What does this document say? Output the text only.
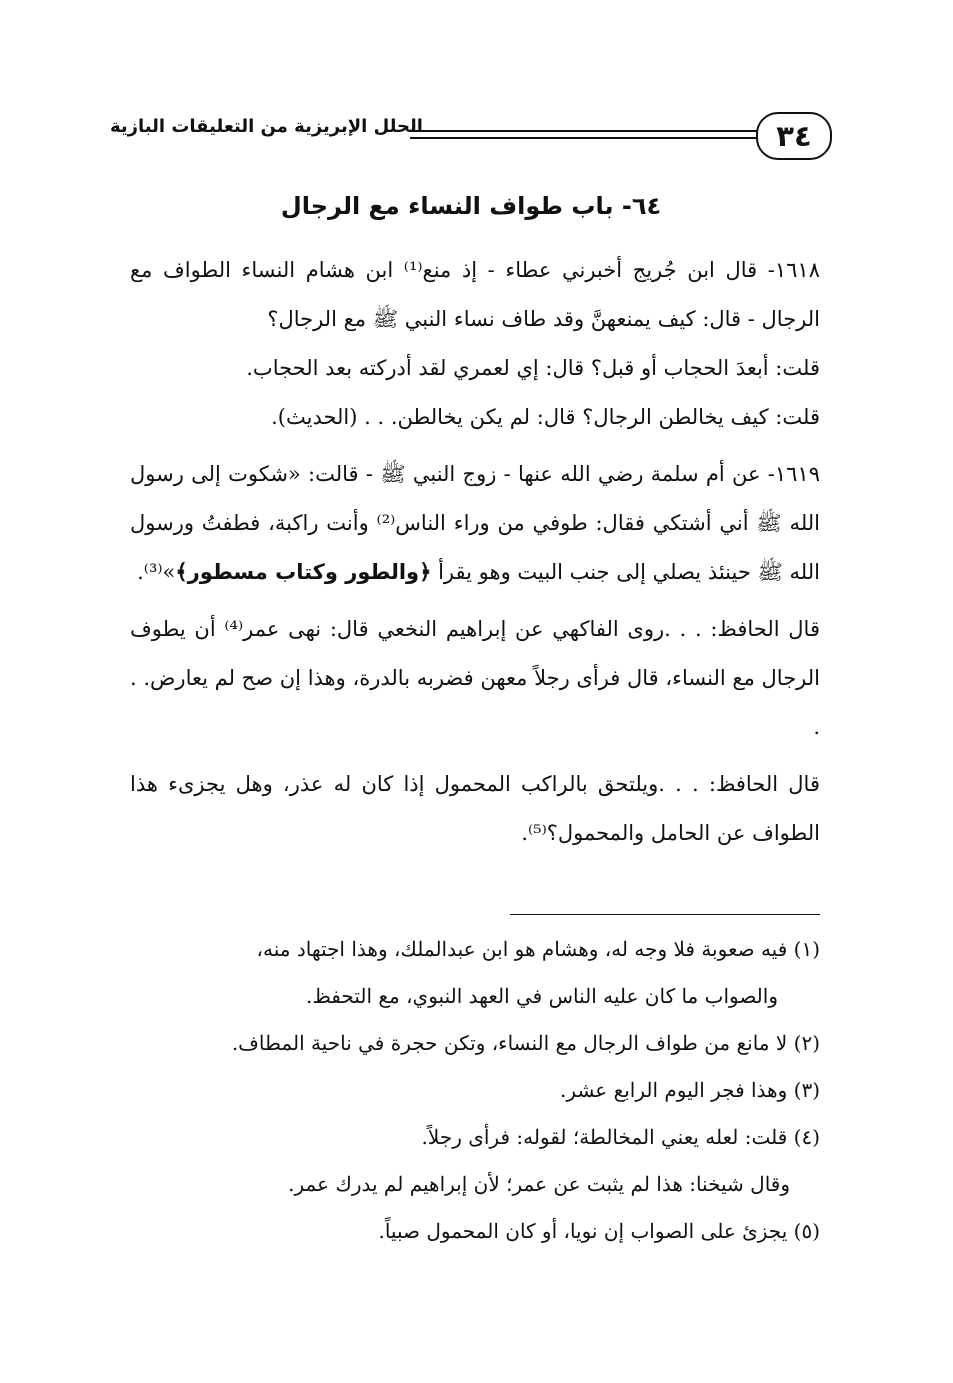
٣٤
الحلل الإبريزية من التعليقات البازية
٦٤- باب طواف النساء مع الرجال

١٦١٨- قال ابن جُريج أخبرني عطاء - إذ منع⁽¹⁾ ابن هشام النساء الطواف مع الرجال - قال: كيف يمنعهنَّ وقد طاف نساء النبي ﷺ مع الرجال؟
قلت: أبعدَ الحجاب أو قبل؟ قال: إي لعمري لقد أدركته بعد الحجاب.
قلت: كيف يخالطن الرجال؟ قال: لم يكن يخالطن. . . (الحديث).

١٦١٩- عن أم سلمة رضي الله عنها - زوج النبي ﷺ - قالت: «شكوت إلى رسول الله ﷺ أني أشتكي فقال: طوفي من وراء الناس⁽²⁾ وأنت راكبة، فطفتُ ورسول الله ﷺ حينئذ يصلي إلى جنب البيت وهو يقرأ ﴿والطور وكتاب مسطور﴾»⁽³⁾.

قال الحافظ: . . .روى الفاكهي عن إبراهيم النخعي قال: نهى عمر⁽⁴⁾ أن يطوف الرجال مع النساء، قال فرأى رجلاً معهن فضربه بالدرة، وهذا إن صح لم يعارض. . .

قال الحافظ: . . .ويلتحق بالراكب المحمول إذا كان له عذر، وهل يجزىء هذا الطواف عن الحامل والمحمول؟⁽⁵⁾.

(١) فيه صعوبة فلا وجه له، وهشام هو ابن عبدالملك، وهذا اجتهاد منه،

والصواب ما كان عليه الناس في العهد النبوي، مع التحفظ.

(٢) لا مانع من طواف الرجال مع النساء، وتكن حجرة في ناحية المطاف.

(٣) وهذا فجر اليوم الرابع عشر.

(٤) قلت: لعله يعني المخالطة؛ لقوله: فرأى رجلاً.

وقال شيخنا: هذا لم يثبت عن عمر؛ لأن إبراهيم لم يدرك عمر.

(٥) يجزئ على الصواب إن نويا، أو كان المحمول صبياً.
